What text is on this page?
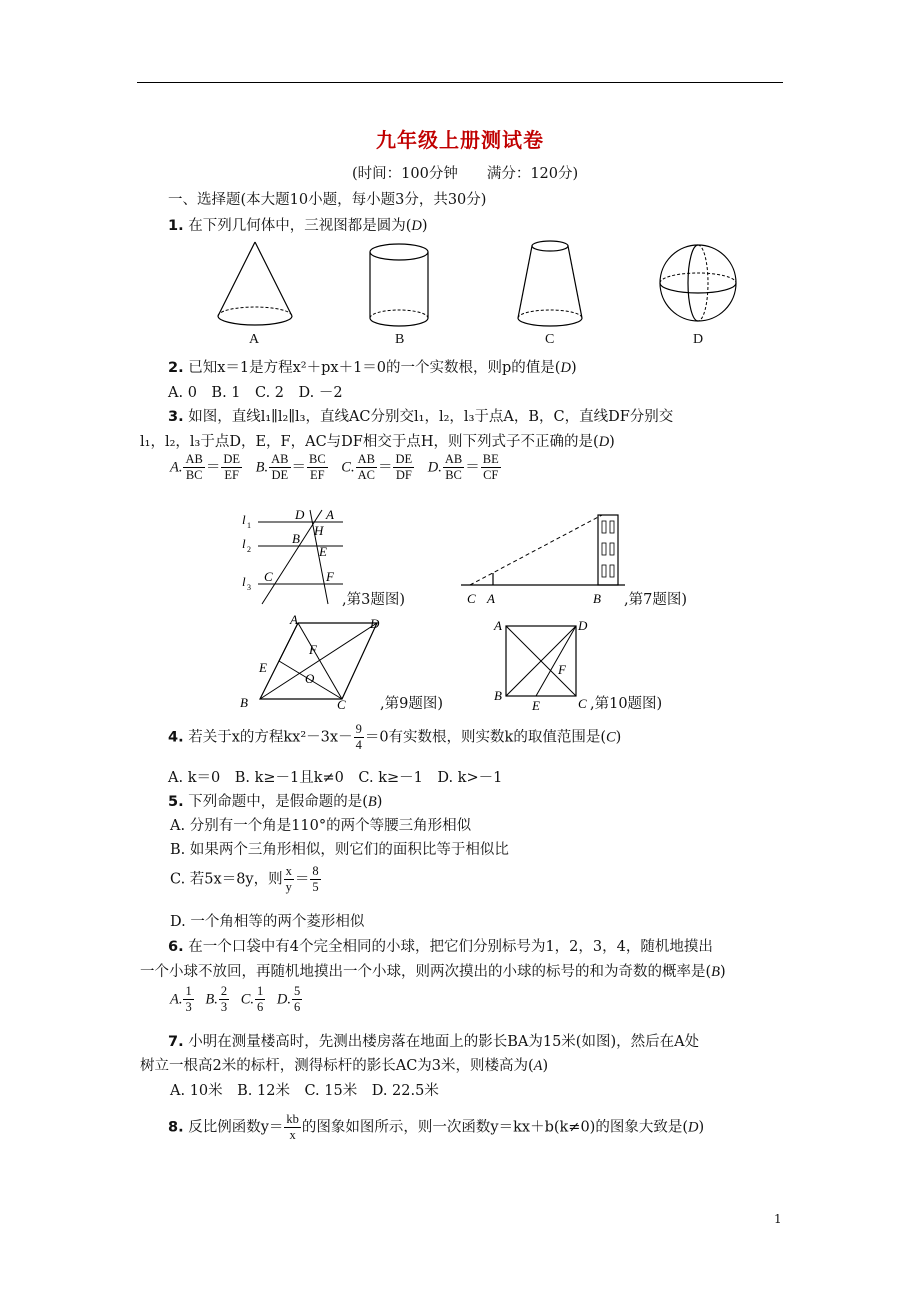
九年级上册测试卷
(时间：100分钟　　满分：120分)
一、选择题(本大题10小题，每小题3分，共30分)
1. 在下列几何体中，三视图都是圆为(D)
A	B	C	D
2. 已知x＝1是方程x²＋px＋1＝0的一个实数根，则p的值是(D)
A. 0　B. 1　C. 2　D. －2
3. 如图，直线l₁∥l₂∥l₃，直线AC分别交l₁，l₂，l₃于点A，B，C，直线DF分别交
l₁，l₂，l₃于点D，E，F，AC与DF相交于点H，则下列式子不正确的是(D)
A. $\frac{AB}{BC} = \frac{DE}{EF} B$. $\frac{AB}{DE} = \frac{BC}{EF} C$. $\frac{AB}{AC} = \frac{DE}{DF} D$. $\frac{AB}{BC} = \frac{BE}{CF}$
l 1
l 2
l 3
D A
H
B
E
C	F
,第3题图)	C A	B ,第7题图)
A	D
E
F
O
B	C ,第9题图)
A	D
F
B
E	C ,第10题图)
4. 若关于x的方程$kx^2-3x- \frac{9}{4} =0$有实数根，则实数k的取值范围是(C)
A. k＝0　B. k≥－1且k≠0　C. k≥－1　D. k>－1
5. 下列命题中，是假命题的是(B)
A. 分别有一个角是110°的两个等腰三角形相似
B. 如果两个三角形相似，则它们的面积比等于相似比
C. 若5x＝8y，则 $\frac{x}{y} = \frac{8}{5}$
D. 一个角相等的两个菱形相似
6. 在一个口袋中有4个完全相同的小球，把它们分别标号为1，2，3，4，随机地摸出
一个小球不放回，再随机地摸出一个小球，则两次摸出的小球的标号的和为奇数的概率是(B)
A. $\frac{1}{3} B$. $\frac{2}{3} C$. $\frac{1}{6} D$. $\frac{5}{6}$
7. 小明在测量楼高时，先测出楼房落在地面上的影长BA为15米(如图)，然后在A处
树立一根高2米的标杆，测得标杆的影长AC为3米，则楼高为(A)
A. 10米　B. 12米　C. 15米　D. 22.5米
8. 反比例函数$y= \frac{kb}{x}$ 的图象如图所示，则一次函数y＝kx＋b(k≠0)的图象大致是(D)
1
